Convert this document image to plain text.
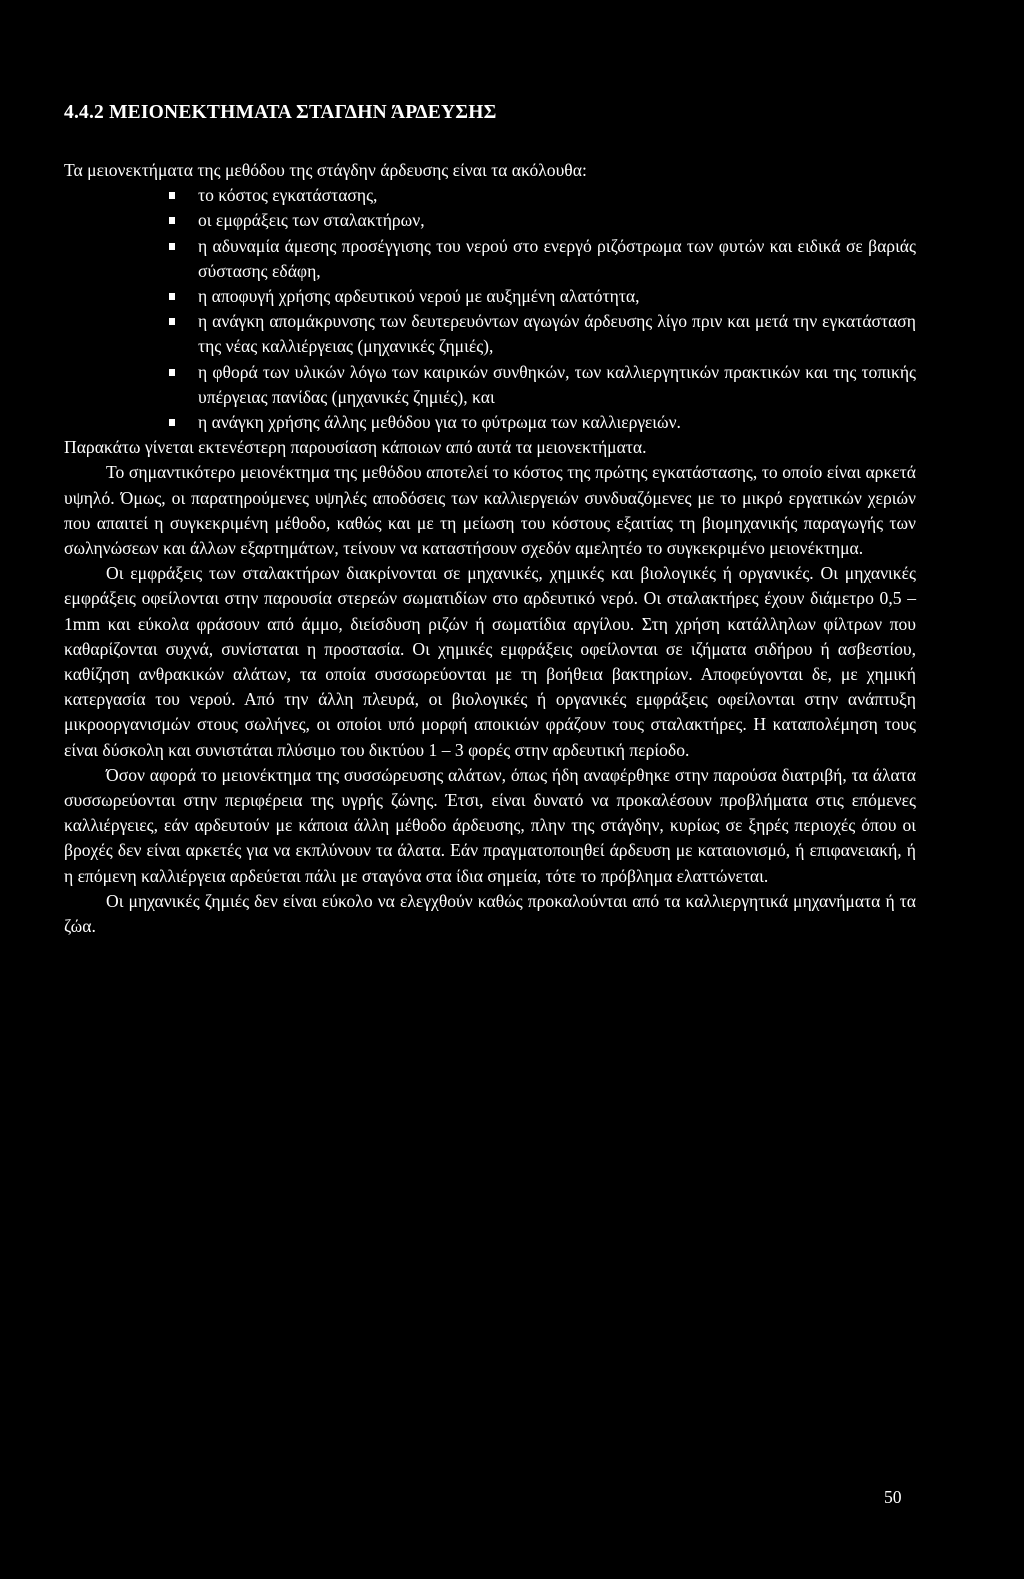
4.4.2 ΜΕΙΟΝΕΚΤΗΜΑΤΑ ΣΤΑΓΔΗΝ ΆΡΔΕΥΣΗΣ

Τα μειονεκτήματα της μεθόδου της στάγδην άρδευσης είναι τα ακόλουθα:

το κόστος εγκατάστασης,
οι εμφράξεις των σταλακτήρων,
η αδυναμία άμεσης προσέγγισης του νερού στο ενεργό ριζόστρωμα των φυτών και ειδικά σε βαριάς σύστασης εδάφη,
η αποφυγή χρήσης αρδευτικού νερού με αυξημένη αλατότητα,
η ανάγκη απομάκρυνσης των δευτερευόντων αγωγών άρδευσης λίγο πριν και μετά την εγκατάσταση της νέας καλλιέργειας (μηχανικές ζημιές),
η φθορά των υλικών λόγω των καιρικών συνθηκών, των καλλιεργητικών πρακτικών και της τοπικής υπέργειας πανίδας (μηχανικές ζημιές), και
η ανάγκη χρήσης άλλης μεθόδου για το φύτρωμα των καλλιεργειών.

Παρακάτω γίνεται εκτενέστερη παρουσίαση κάποιων από αυτά τα μειονεκτήματα.

Το σημαντικότερο μειονέκτημα της μεθόδου αποτελεί το κόστος της πρώτης εγκατάστασης, το οποίο είναι αρκετά υψηλό. Όμως, οι παρατηρούμενες υψηλές αποδόσεις των καλλιεργειών συνδυαζόμενες με το μικρό εργατικών χεριών που απαιτεί η συγκεκριμένη μέθοδο, καθώς και με τη μείωση του κόστους εξαιτίας τη βιομηχανικής παραγωγής των σωληνώσεων και άλλων εξαρτημάτων, τείνουν να καταστήσουν σχεδόν αμελητέο το συγκεκριμένο μειονέκτημα.

Οι εμφράξεις των σταλακτήρων διακρίνονται σε μηχανικές, χημικές και βιολογικές ή οργανικές. Οι μηχανικές εμφράξεις οφείλονται στην παρουσία στερεών σωματιδίων στο αρδευτικό νερό. Οι σταλακτήρες έχουν διάμετρο 0,5 – 1mm και εύκολα φράσουν από άμμο, διείσδυση ριζών ή σωματίδια αργίλου. Στη χρήση κατάλληλων φίλτρων που καθαρίζονται συχνά, συνίσταται η προστασία. Οι χημικές εμφράξεις οφείλονται σε ιζήματα σιδήρου ή ασβεστίου, καθίζηση ανθρακικών αλάτων, τα οποία συσσωρεύονται με τη βοήθεια βακτηρίων. Αποφεύγονται δε, με χημική κατεργασία του νερού. Από την άλλη πλευρά, οι βιολογικές ή οργανικές εμφράξεις οφείλονται στην ανάπτυξη μικροοργανισμών στους σωλήνες, οι οποίοι υπό μορφή αποικιών φράζουν τους σταλακτήρες. Η καταπολέμηση τους είναι δύσκολη και συνιστάται πλύσιμο του δικτύου 1 – 3 φορές στην αρδευτική περίοδο.

Όσον αφορά το μειονέκτημα της συσσώρευσης αλάτων, όπως ήδη αναφέρθηκε στην παρούσα διατριβή, τα άλατα συσσωρεύονται στην περιφέρεια της υγρής ζώνης. Έτσι, είναι δυνατό να προκαλέσουν προβλήματα στις επόμενες καλλιέργειες, εάν αρδευτούν με κάποια άλλη μέθοδο άρδευσης, πλην της στάγδην, κυρίως σε ξηρές περιοχές όπου οι βροχές δεν είναι αρκετές για να εκπλύνουν τα άλατα. Εάν πραγματοποιηθεί άρδευση με καταιονισμό, ή επιφανειακή, ή η επόμενη καλλιέργεια αρδεύεται πάλι με σταγόνα στα ίδια σημεία, τότε το πρόβλημα ελαττώνεται.

Οι μηχανικές ζημιές δεν είναι εύκολο να ελεγχθούν καθώς προκαλούνται από τα καλλιεργητικά μηχανήματα ή τα ζώα.

50
